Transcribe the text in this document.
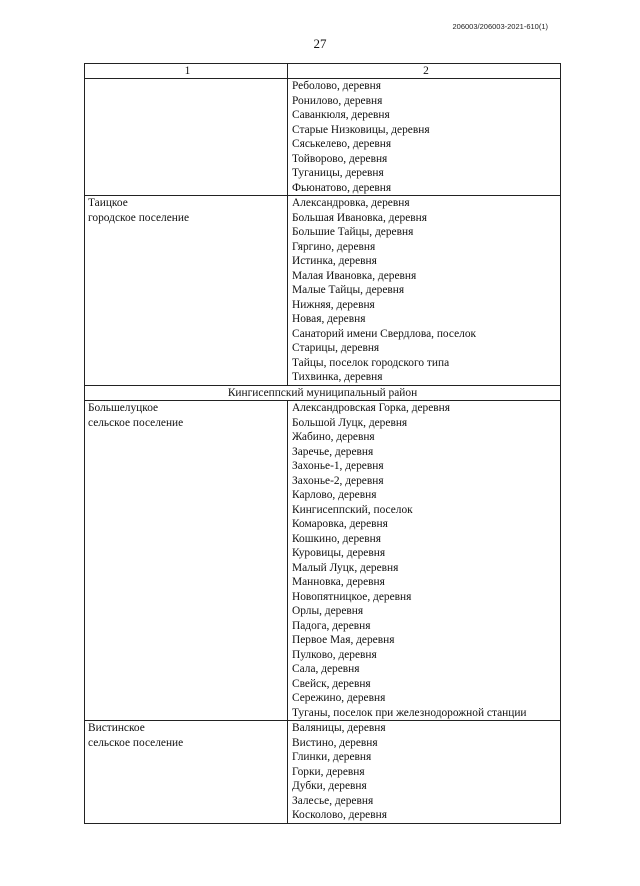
206003/206003-2021-610(1)
27
1	2
Реболово, деревня
Ронилово, деревня
Саванкюля, деревня
Старые Низковицы, деревня
Сяськелево, деревня
Тойворово, деревня
Туганицы, деревня
Фьюнатово, деревня
Таицкое
городское поселение
Александровка, деревня
Большая Ивановка, деревня
Большие Тайцы, деревня
Гяргино, деревня
Истинка, деревня
Малая Ивановка, деревня
Малые Тайцы, деревня
Нижняя, деревня
Новая, деревня
Санаторий имени Свердлова, поселок
Старицы, деревня
Тайцы, поселок городского типа
Тихвинка, деревня
Кингисеппский муниципальный район
Большелуцкое
сельское поселение
Александровская Горка, деревня
Большой Луцк, деревня
Жабино, деревня
Заречье, деревня
Захонье-1, деревня
Захонье-2, деревня
Карлово, деревня
Кингисеппский, поселок
Комаровка, деревня
Кошкино, деревня
Куровицы, деревня
Малый Луцк, деревня
Манновка, деревня
Новопятницкое, деревня
Орлы, деревня
Падога, деревня
Первое Мая, деревня
Пулково, деревня
Сала, деревня
Свейск, деревня
Сережино, деревня
Туганы, поселок при железнодорожной станции
Вистинское
сельское поселение
Валяницы, деревня
Вистино, деревня
Глинки, деревня
Горки, деревня
Дубки, деревня
Залесье, деревня
Косколово, деревня
